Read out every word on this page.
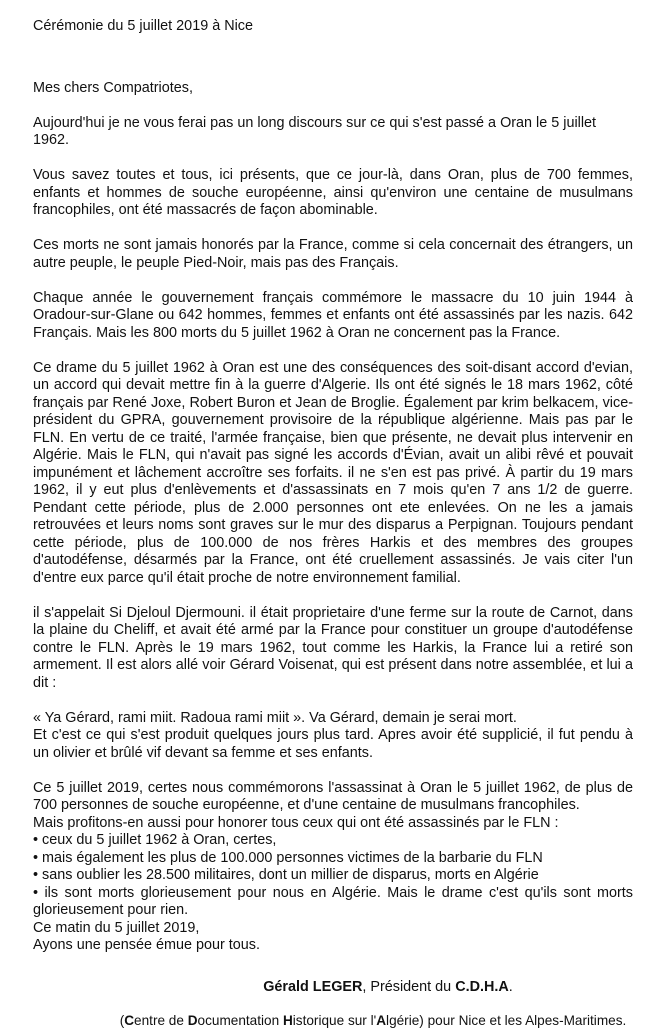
Cérémonie du 5 juillet 2019 à Nice
Mes chers Compatriotes,
Aujourd'hui je ne vous ferai pas un long discours sur ce qui s'est passé a Oran le 5 juillet 1962.
Vous savez toutes et tous, ici présents, que ce jour-là, dans Oran, plus de 700 femmes, enfants et hommes de souche européenne, ainsi qu'environ une centaine de musulmans francophiles, ont été massacrés de façon abominable.
Ces morts ne sont jamais honorés par la France, comme si cela concernait des étrangers, un autre peuple, le peuple Pied-Noir, mais pas des Français.
Chaque année le gouvernement français commémore le massacre du 10 juin 1944 à Oradour-sur-Glane ou 642 hommes, femmes et enfants ont été assassinés par les nazis. 642 Français. Mais les 800 morts du 5 juillet 1962 à Oran ne concernent pas la France.
Ce drame du 5 juillet 1962 à Oran est une des conséquences des soit-disant accord d'evian, un accord qui devait mettre fin à la guerre d'Algerie. Ils ont été signés le 18 mars 1962, côté français par René Joxe, Robert Buron et Jean de Broglie. Également par krim belkacem, vice-président du GPRA, gouvernement provisoire de la république algérienne. Mais pas par le FLN. En vertu de ce traité, l'armée française, bien que présente, ne devait plus intervenir en Algérie. Mais le FLN, qui n'avait pas signé les accords d'Évian, avait un alibi rêvé et pouvait impunément et lâchement accroître ses forfaits. il ne s'en est pas privé. À partir du 19 mars 1962, il y eut plus d'enlèvements et d'assassinats en 7 mois qu'en 7 ans 1/2 de guerre. Pendant cette période, plus de 2.000 personnes ont ete enlevées. On ne les a jamais retrouvées et leurs noms sont graves sur le mur des disparus a Perpignan. Toujours pendant cette période, plus de 100.000 de nos frères Harkis et des membres des groupes d'autodéfense, désarmés par la France, ont été cruellement assassinés. Je vais citer l'un d'entre eux parce qu'il était proche de notre environnement familial.
il s'appelait Si Djeloul Djermouni. il était proprietaire d'une ferme sur la route de Carnot, dans la plaine du Cheliff, et avait été armé par la France pour constituer un groupe d'autodéfense contre le FLN. Après le 19 mars 1962, tout comme les Harkis, la France lui a retiré son armement. Il est alors allé voir Gérard Voisenat, qui est présent dans notre assemblée, et lui a dit :
« Ya Gérard, rami miit. Radoua rami miit ». Va Gérard, demain je serai mort.
Et c'est ce qui s'est produit quelques jours plus tard. Apres avoir été supplicié, il fut pendu à un olivier et brûlé vif devant sa femme et ses enfants.
Ce 5 juillet 2019, certes nous commémorons l'assassinat à Oran le 5 juillet 1962, de plus de 700 personnes de souche européenne, et d'une centaine de musulmans francophiles.
Mais profitons-en aussi pour honorer tous ceux qui ont été assassinés par le FLN :
• ceux du 5 juillet 1962 à Oran, certes,
• mais également les plus de 100.000 personnes victimes de la barbarie du FLN
• sans oublier les 28.500 militaires, dont un millier de disparus, morts en Algérie
• ils sont morts glorieusement pour nous en Algérie. Mais le drame c'est qu'ils sont morts glorieusement pour rien.
Ce matin du 5 juillet 2019,
Ayons une pensée émue pour tous.
Gérald LEGER, Président du C.D.H.A.
(Centre de Documentation Historique sur l'Algérie) pour Nice et les Alpes-Maritimes.
